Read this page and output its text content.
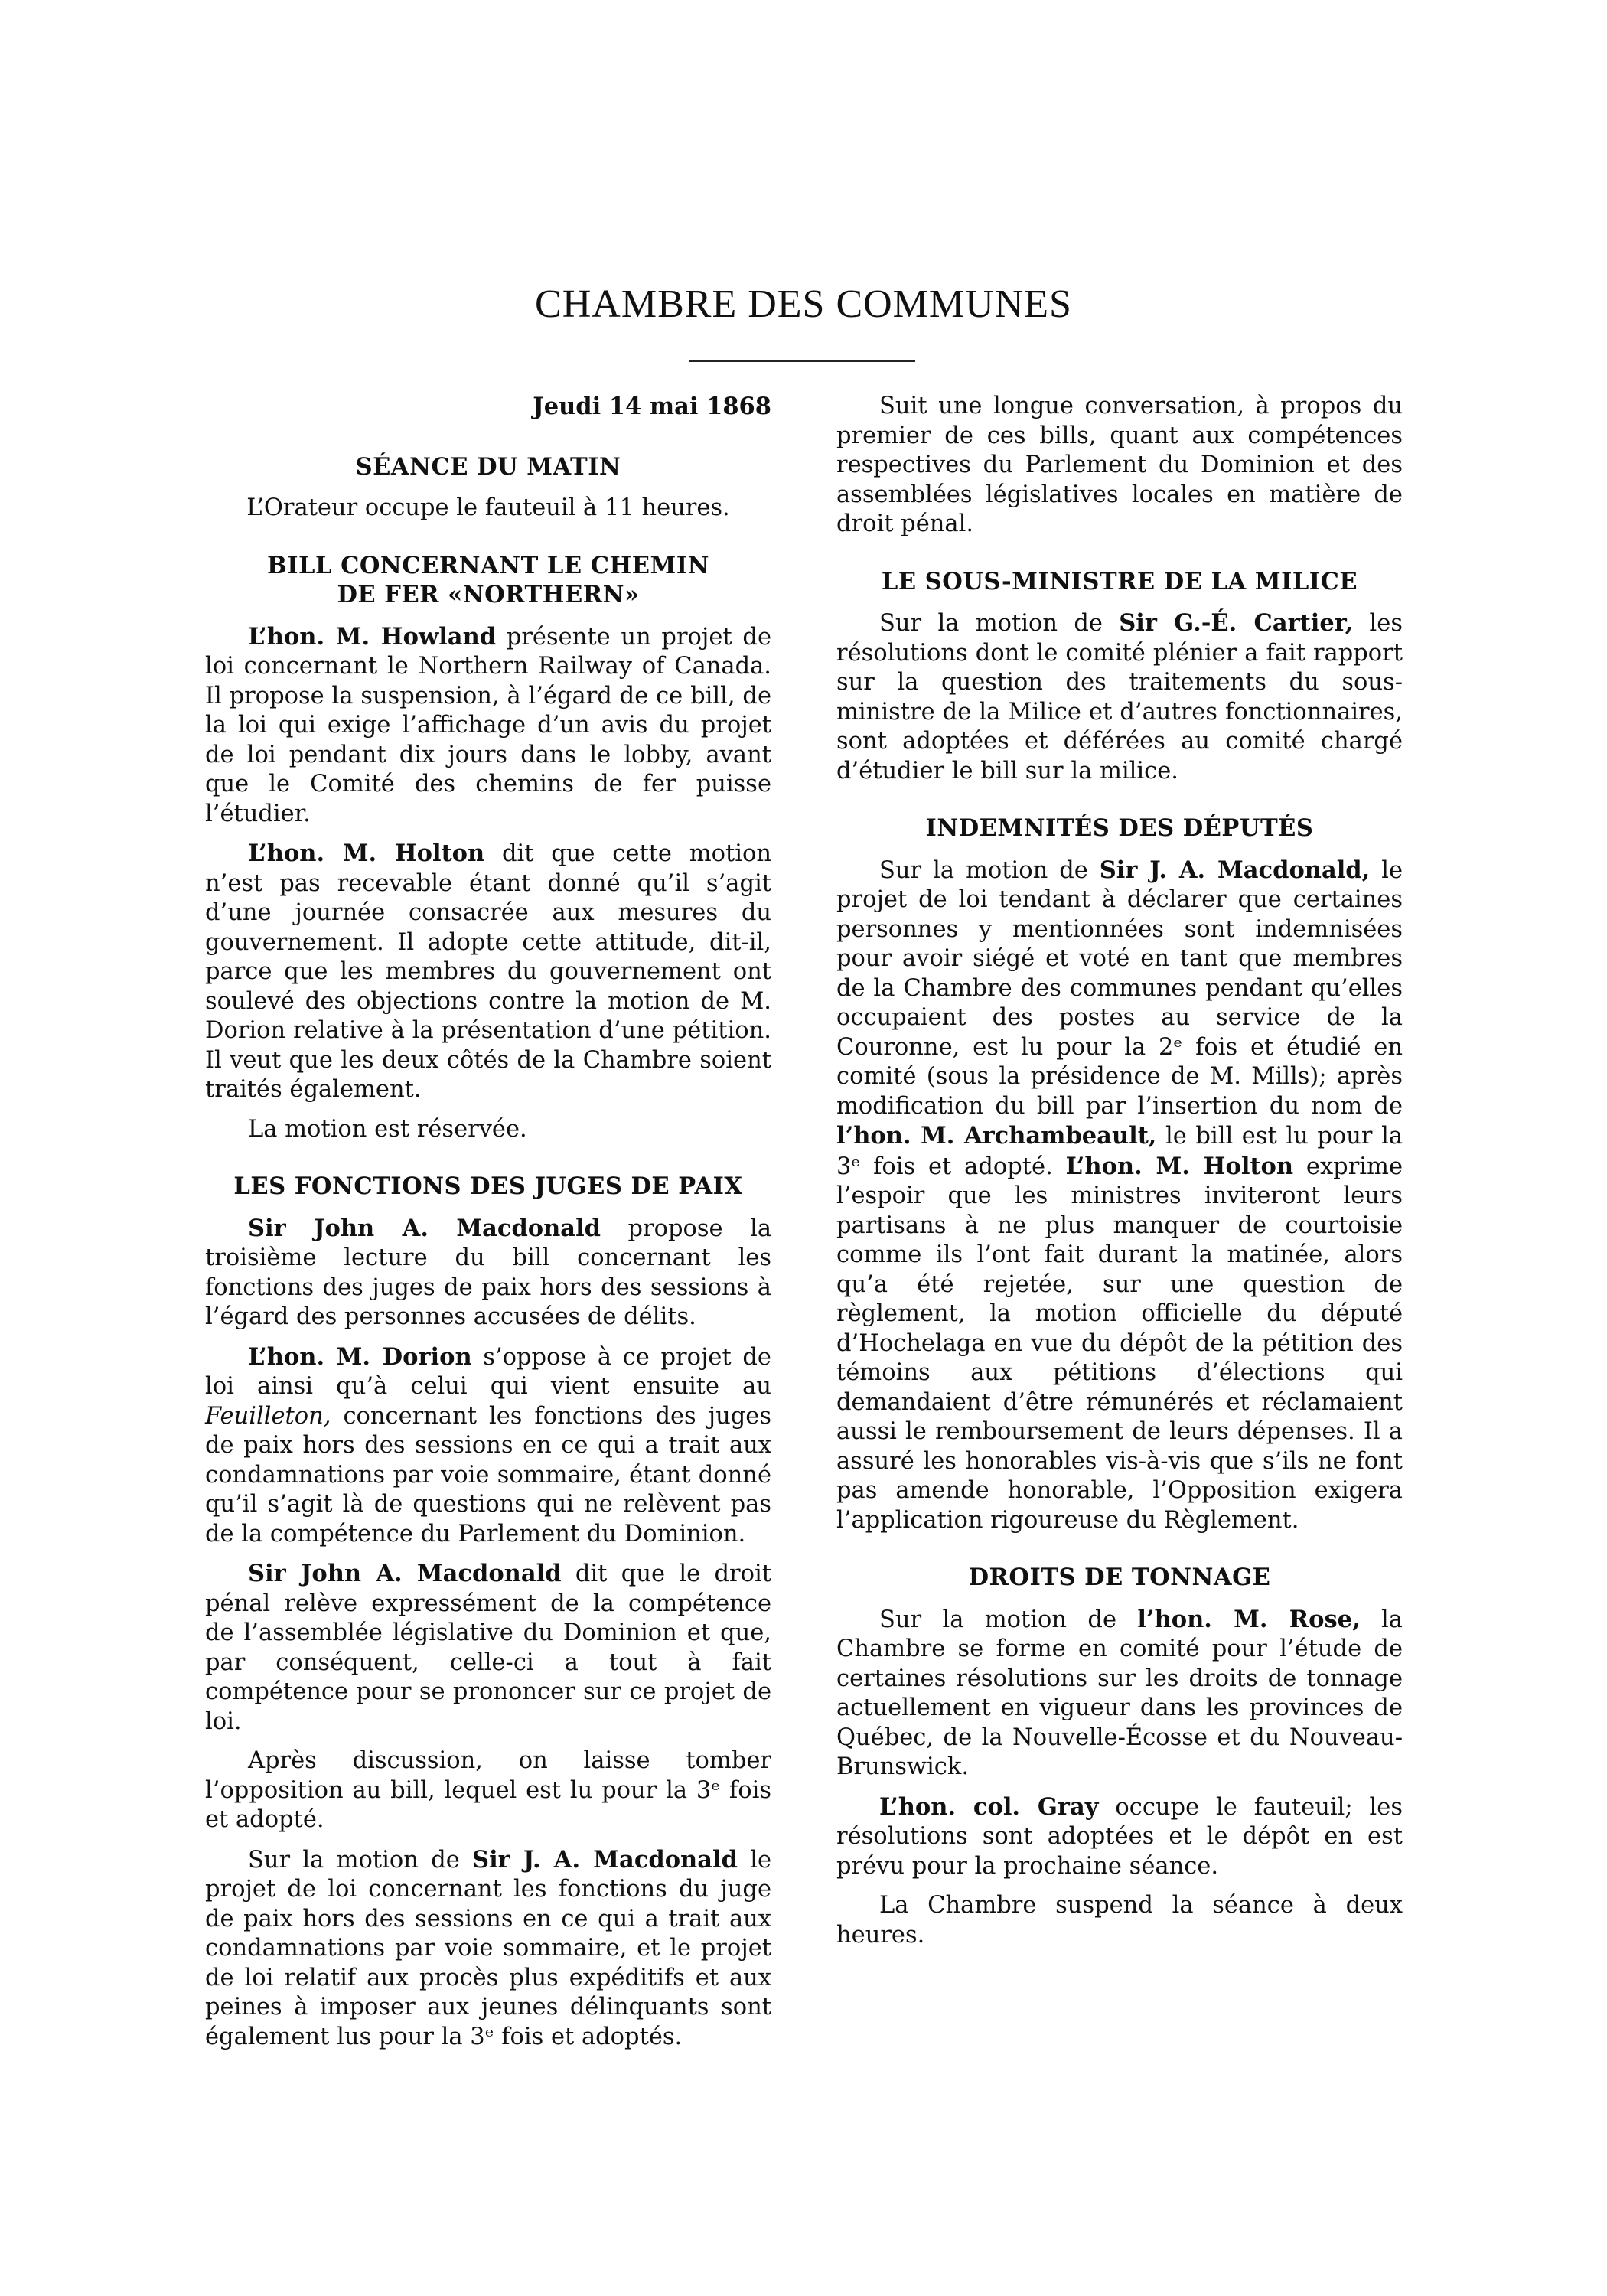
CHAMBRE DES COMMUNES

Jeudi 14 mai 1868

SÉANCE DU MATIN

L’Orateur occupe le fauteuil à 11 heures.

BILL CONCERNANT LE CHEMIN
DE FER «NORTHERN»

L’hon. M. Howland présente un projet de loi concernant le Northern Railway of Canada. Il propose la suspension, à l’égard de ce bill, de la loi qui exige l’affichage d’un avis du projet de loi pendant dix jours dans le lobby, avant que le Comité des chemins de fer puisse l’étudier.

L’hon. M. Holton dit que cette motion n’est pas recevable étant donné qu’il s’agit d’une journée consacrée aux mesures du gouvernement. Il adopte cette attitude, dit-il, parce que les membres du gouvernement ont soulevé des objections contre la motion de M. Dorion relative à la présentation d’une pétition. Il veut que les deux côtés de la Chambre soient traités également.

La motion est réservée.

LES FONCTIONS DES JUGES DE PAIX

Sir John A. Macdonald propose la troisième lecture du bill concernant les fonctions des juges de paix hors des sessions à l’égard des personnes accusées de délits.

L’hon. M. Dorion s’oppose à ce projet de loi ainsi qu’à celui qui vient ensuite au Feuilleton, concernant les fonctions des juges de paix hors des sessions en ce qui a trait aux condamnations par voie sommaire, étant donné qu’il s’agit là de questions qui ne relèvent pas de la compétence du Parlement du Dominion.

Sir John A. Macdonald dit que le droit pénal relève expressément de la compétence de l’assemblée législative du Dominion et que, par conséquent, celle-ci a tout à fait compétence pour se prononcer sur ce projet de loi.

Après discussion, on laisse tomber l’opposition au bill, lequel est lu pour la 3ᵉ fois et adopté.

Sur la motion de Sir J. A. Macdonald le projet de loi concernant les fonctions du juge de paix hors des sessions en ce qui a trait aux condamnations par voie sommaire, et le projet de loi relatif aux procès plus expéditifs et aux peines à imposer aux jeunes délinquants sont également lus pour la 3ᵉ fois et adoptés.

Suit une longue conversation, à propos du premier de ces bills, quant aux compétences respectives du Parlement du Dominion et des assemblées législatives locales en matière de droit pénal.

LE SOUS-MINISTRE DE LA MILICE

Sur la motion de Sir G.-É. Cartier, les résolutions dont le comité plénier a fait rapport sur la question des traitements du sous-ministre de la Milice et d’autres fonctionnaires, sont adoptées et déférées au comité chargé d’étudier le bill sur la milice.

INDEMNITÉS DES DÉPUTÉS

Sur la motion de Sir J. A. Macdonald, le projet de loi tendant à déclarer que certaines personnes y mentionnées sont indemnisées pour avoir siégé et voté en tant que membres de la Chambre des communes pendant qu’elles occupaient des postes au service de la Couronne, est lu pour la 2ᵉ fois et étudié en comité (sous la présidence de M. Mills); après modification du bill par l’insertion du nom de l’hon. M. Archambeault, le bill est lu pour la 3ᵉ fois et adopté. L’hon. M. Holton exprime l’espoir que les ministres inviteront leurs partisans à ne plus manquer de courtoisie comme ils l’ont fait durant la matinée, alors qu’a été rejetée, sur une question de règlement, la motion officielle du député d’Hochelaga en vue du dépôt de la pétition des témoins aux pétitions d’élections qui demandaient d’être rémunérés et réclamaient aussi le remboursement de leurs dépenses. Il a assuré les honorables vis-à-vis que s’ils ne font pas amende honorable, l’Opposition exigera l’application rigoureuse du Règlement.

DROITS DE TONNAGE

Sur la motion de l’hon. M. Rose, la Chambre se forme en comité pour l’étude de certaines résolutions sur les droits de tonnage actuellement en vigueur dans les provinces de Québec, de la Nouvelle-Écosse et du Nouveau-Brunswick.

L’hon. col. Gray occupe le fauteuil; les résolutions sont adoptées et le dépôt en est prévu pour la prochaine séance.

La Chambre suspend la séance à deux heures.
